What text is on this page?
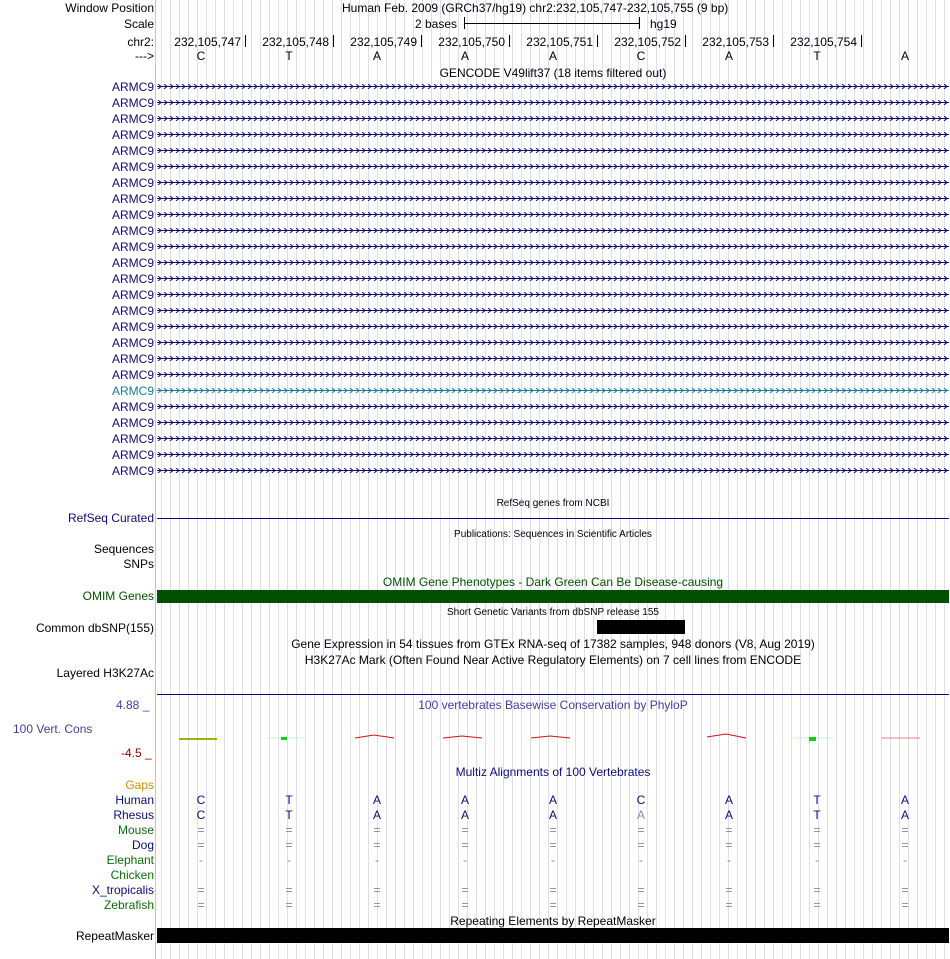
Window Position	Human Feb. 2009 (GRCh37/hg19) chr2:232,105,747-232,105,755 (9 bp)
Scale	2 bases	hg19
chr2:	232,105,747	232,105,748	232,105,749	232,105,750	232,105,751	232,105,752	232,105,753	232,105,754
--->	C	T	A	A	A	C	A	T	A
GENCODE V49lift37 (18 items filtered out)
ARMC9
ARMC9
ARMC9
ARMC9
ARMC9
ARMC9
ARMC9
ARMC9
ARMC9
ARMC9
ARMC9
ARMC9
ARMC9
ARMC9
ARMC9
ARMC9
ARMC9
ARMC9
ARMC9
ARMC9
ARMC9
ARMC9
ARMC9
ARMC9
ARMC9
RefSeq genes from NCBI
RefSeq Curated
Publications: Sequences in Scientific Articles
Sequences
SNPs
OMIM Gene Phenotypes - Dark Green Can Be Disease-causing
OMIM Genes
Short Genetic Variants from dbSNP release 155
Common dbSNP(155)
Gene Expression in 54 tissues from GTEx RNA-seq of 17382 samples, 948 donors (V8, Aug 2019)
H3K27Ac Mark (Often Found Near Active Regulatory Elements) on 7 cell lines from ENCODE
Layered H3K27Ac
100 vertebrates Basewise Conservation by PhyloP
4.88 _
100 Vert. Cons
-4.5 _
Multiz Alignments of 100 Vertebrates
Gaps
Human	C	T	A	A	A	C	A	T	A
Rhesus	C	T	A	A	A	A	A	T	A
Mouse	=	=	=	=	=	=	=	=	=
Dog	=	=	=	=	=	=	=	=	=
Elephant	-	-	-	-	-	-	-	-	-
Chicken
X_tropicalis	=	=	=	=	=	=	=	=	=
Zebrafish	=	=	=	=	=	=	=	=	=
Repeating Elements by RepeatMasker
RepeatMasker
